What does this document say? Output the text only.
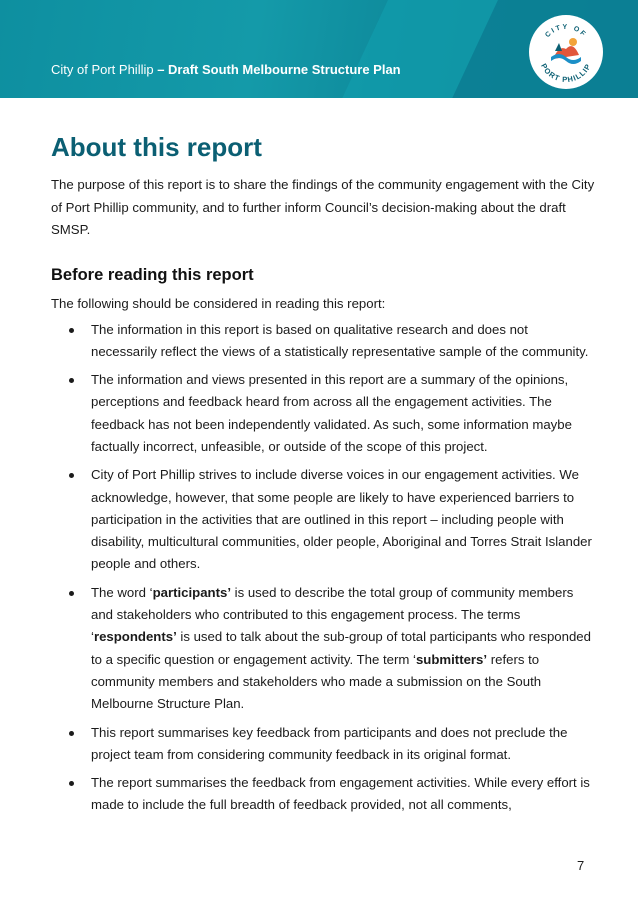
City of Port Phillip – Draft South Melbourne Structure Plan
CITY OF
PORT PHILLIP
About this report

The purpose of this report is to share the findings of the community engagement with the City of Port Phillip community, and to further inform Council’s decision-making about the draft SMSP.

Before reading this report

The following should be considered in reading this report:

The information in this report is based on qualitative research and does not necessarily reflect the views of a statistically representative sample of the community.
The information and views presented in this report are a summary of the opinions, perceptions and feedback heard from across all the engagement activities. The feedback has not been independently validated. As such, some information maybe factually incorrect, unfeasible, or outside of the scope of this project.
City of Port Phillip strives to include diverse voices in our engagement activities. We acknowledge, however, that some people are likely to have experienced barriers to participation in the activities that are outlined in this report – including people with disability, multicultural communities, older people, Aboriginal and Torres Strait Islander people and others.
The word ‘participants’ is used to describe the total group of community members and stakeholders who contributed to this engagement process. The terms ‘respondents’ is used to talk about the sub-group of total participants who responded to a specific question or engagement activity. The term ‘submitters’ refers to community members and stakeholders who made a submission on the South Melbourne Structure Plan.
This report summarises key feedback from participants and does not preclude the project team from considering community feedback in its original format.
The report summarises the feedback from engagement activities. While every effort is made to include the full breadth of feedback provided, not all comments,
7
